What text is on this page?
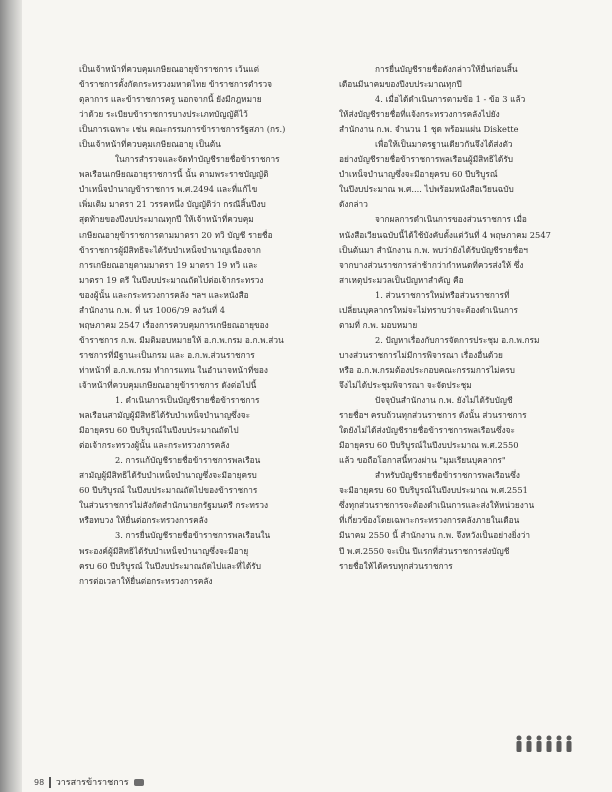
เป็นเจ้าหน้าที่ควบคุมเกษียณอายุข้าราชการ เว้นแต่
ข้าราชการตั้งกัดกระทรวงมหาดไทย ข้าราชการตำรวจ
ตุลาการ และข้าราชการครู นอกจากนี้ ยังมีกฎหมาย
ว่าด้วย ระเบียบข้าราชการบางประเภทบัญญัติไว้
เป็นการเฉพาะ เช่น คณะกรรมการข้าราชการรัฐสภา (กร.)
เป็นเจ้าหน้าที่ควบคุมเกษียณอายุ เป็นต้น
ในการสำรวจและจัดทำบัญชีรายชื่อข้าราชการ
พลเรือนเกษียณอายุราชการนี้ นั้น ตามพระราชบัญญัติ
บำเหน็จบำนาญข้าราชการ พ.ศ.2494 และที่แก้ไข
เพิ่มเติม มาตรา 21 วรรคหนึ่ง บัญญัติว่า กรณีสิ้นปีงบ
สุดท้ายของปีงบประมาณทุกปี ให้เจ้าหน้าที่ควบคุม
เกษียณอายุข้าราชการตามมาตรา 20 ทวิ บัญชี รายชื่อ
ข้าราชการผู้มีสิทธิจะได้รับบำเหน็จบำนาญเนื่องจาก
การเกษียณอายุตามมาตรา 19 มาตรา 19 ทวิ และ
มาตรา 19 ตรี ในปีงบประมาณถัดไปต่อเจ้ากระทรวง
ของผู้นั้น และกระทรวงการคลัง ฯลฯ และหนังสือ
สำนักงาน ก.พ. ที่ นร 1006/ว9 ลงวันที่ 4
พฤษภาคม 2547 เรื่องการควบคุมการเกษียณอายุของ
ข้าราชการ ก.พ. มีมติมอบหมายให้ อ.ก.พ.กรม อ.ก.พ.ส่วน
ราชการที่มีฐานะเป็นกรม และ อ.ก.พ.ส่วนราชการ
ท่าหน้าที่ อ.ก.พ.กรม ทำการแทน ในอำนาจหน้าที่ของ
เจ้าหน้าที่ควบคุมเกษียณอายุข้าราชการ ดังต่อไปนี้
1. ดำเนินการเป็นบัญชีรายชื่อข้าราชการ
พลเรือนสามัญผู้มีสิทธิได้รับบำเหน็จบำนาญซึ่งจะ
มีอายุครบ 60 ปีบริบูรณ์ในปีงบประมาณถัดไป
ต่อเจ้ากระทรวงผู้นั้น และกระทรวงการคลัง
2. การแก้บัญชีรายชื่อข้าราชการพลเรือน
สามัญผู้มีสิทธิได้รับบำเหน็จบำนาญซึ่งจะมีอายุครบ
60 ปีบริบูรณ์ ในปีงบประมาณถัดไปของข้าราชการ
ในส่วนราชการไม่สังกัดสำนักนายกรัฐมนตรี กระทรวง
หรือทบวง ให้ยื่นต่อกระทรวงการคลัง
3. การยื่นบัญชีรายชื่อข้าราชการพลเรือนใน
พระองค์ผู้มีสิทธิได้รับบำเหน็จบำนาญซึ่งจะมีอายุ
ครบ 60 ปีบริบูรณ์ ในปีงบประมาณถัดไปและที่ได้รับ
การต่อเวลาให้ยื่นต่อกระทรวงการคลัง
การยื่นบัญชีรายชื่อดังกล่าวให้ยื่นก่อนสิ้น
เดือนมีนาคมของปีงบประมาณทุกปี
4. เมื่อได้ดำเนินการตามข้อ 1 - ข้อ 3 แล้ว
ให้ส่งบัญชีรายชื่อที่แจ้งกระทรวงการคลังไปยัง
สำนักงาน ก.พ. จำนวน 1 ชุด พร้อมแผ่น Diskette
เพื่อให้เป็นมาตรฐานเดียวกันจึงได้ส่งตัว
อย่างบัญชีรายชื่อข้าราชการพลเรือนผู้มีสิทธิได้รับ
บำเหน็จบำนาญซึ่งจะมีอายุครบ 60 ปีบริบูรณ์
ในปีงบประมาณ พ.ศ.... ไปพร้อมหนังสือเวียนฉบับ
ดังกล่าว
จากผลการดำเนินการของส่วนราชการ เมื่อ
หนังสือเวียนฉบับนี้ได้ใช้บังคับตั้งแต่วันที่ 4 พฤษภาคม 2547
เป็นต้นมา สำนักงาน ก.พ. พบว่ายังได้รับบัญชีรายชื่อฯ
จากบางส่วนราชการล่าช้ากว่ากำหนดที่ควรส่งให้ ซึ่ง
สาเหตุประมวลเป็นปัญหาสำคัญ คือ
1. ส่วนราชการใหม่หรือส่วนราชการที่
เปลี่ยนบุคลากรใหม่จะไม่ทราบว่าจะต้องดำเนินการ
ตามที่ ก.พ. มอบหมาย
2. ปัญหาเรื่องกับการจัดการประชุม อ.ก.พ.กรม
บางส่วนราชการไม่มีการพิจารณา เรื่องอื่นด้วย
หรือ อ.ก.พ.กรมต้องประกอบคณะกรรมการไม่ครบ
จึงไม่ได้ประชุมพิจารณา จะจัดประชุม
ปัจจุบันสำนักงาน ก.พ. ยังไม่ได้รับบัญชี
รายชื่อฯ ครบถ้วนทุกส่วนราชการ ดังนั้น ส่วนราชการ
ใดยังไม่ได้ส่งบัญชีรายชื่อข้าราชการพลเรือนซึ่งจะ
มีอายุครบ 60 ปีบริบูรณ์ในปีงบประมาณ พ.ศ.2550
แล้ว ขอถือโอกาสนี้ทวงผ่าน "มุมเรียนบุคลากร"
สำหรับบัญชีรายชื่อข้าราชการพลเรือนซึ่ง
จะมีอายุครบ 60 ปีบริบูรณ์ในปีงบประมาณ พ.ศ.2551
ซึ่งทุกส่วนราชการจะต้องดำเนินการและส่งให้หน่วยงาน
ที่เกี่ยวข้องโดยเฉพาะกระทรวงการคลังภายในเดือน
มีนาคม 2550 นี้ สำนักงาน ก.พ. จึงหวังเป็นอย่างยิ่งว่า
ปี พ.ศ.2550 จะเป็น ปีแรกที่ส่วนราชการส่งบัญชี
รายชื่อให้ได้ครบทุกส่วนราชการ
98 วารสารข้าราชการ
